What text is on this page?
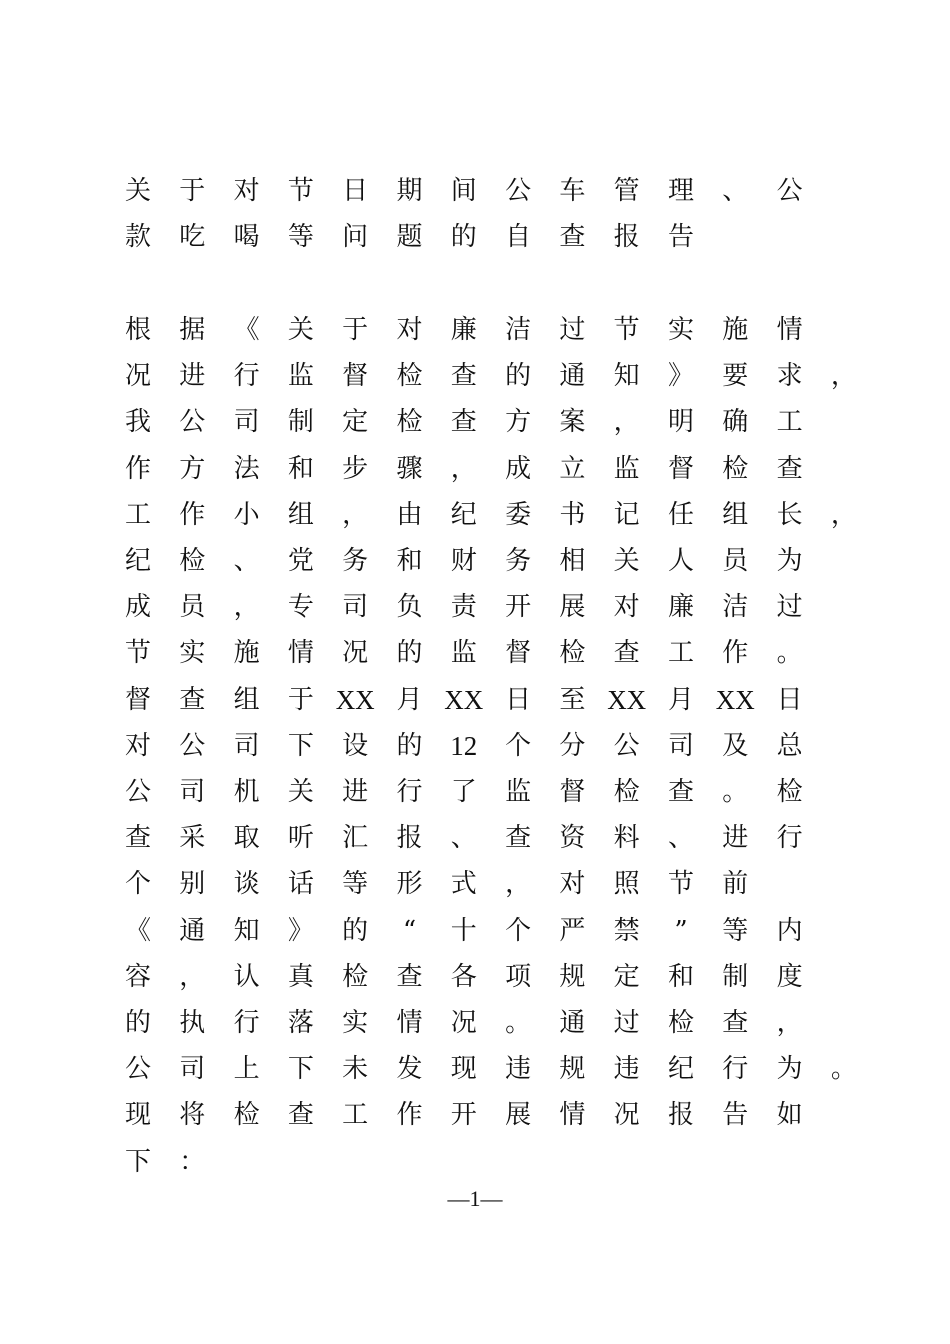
关 于 对 节 日 期 间 公 车 管 理 、 公
款 吃 喝 等 问 题 的 自 查 报 告
根 据 《 关 于 对 廉 洁 过 节 实 施 情
况 进 行 监 督 检 查 的 通 知 》 要 求 ，
我 公 司 制 定 检 查 方 案 ， 明 确 工
作 方 法 和 步 骤 ， 成 立 监 督 检 查
工 作 小 组 ， 由 纪 委 书 记 任 组 长 ，
纪 检 、 党 务 和 财 务 相 关 人 员 为
成 员 ， 专 司 负 责 开 展 对 廉 洁 过
节 实 施 情 况 的 监 督 检 查 工 作 。
督 查 组 于 XX 月 XX 日 至 XX 月 XX 日
对 公 司 下 设 的 12 个 分 公 司 及 总
公 司 机 关 进 行 了 监 督 检 查 。 检
查 采 取 听 汇 报 、 查 资 料 、 进 行
个 别 谈 话 等 形 式 ， 对 照 节 前
《 通 知 》 的	“	十 个 严 禁	”	等 内
容 ， 认 真 检 查 各 项 规 定 和 制 度
的 执 行 落 实 情 况 。 通 过 检 查 ，
公 司 上 下 未 发 现 违 规 违 纪 行 为 。
现 将 检 查 工 作 开 展 情 况 报 告 如
下 ：
—1—
